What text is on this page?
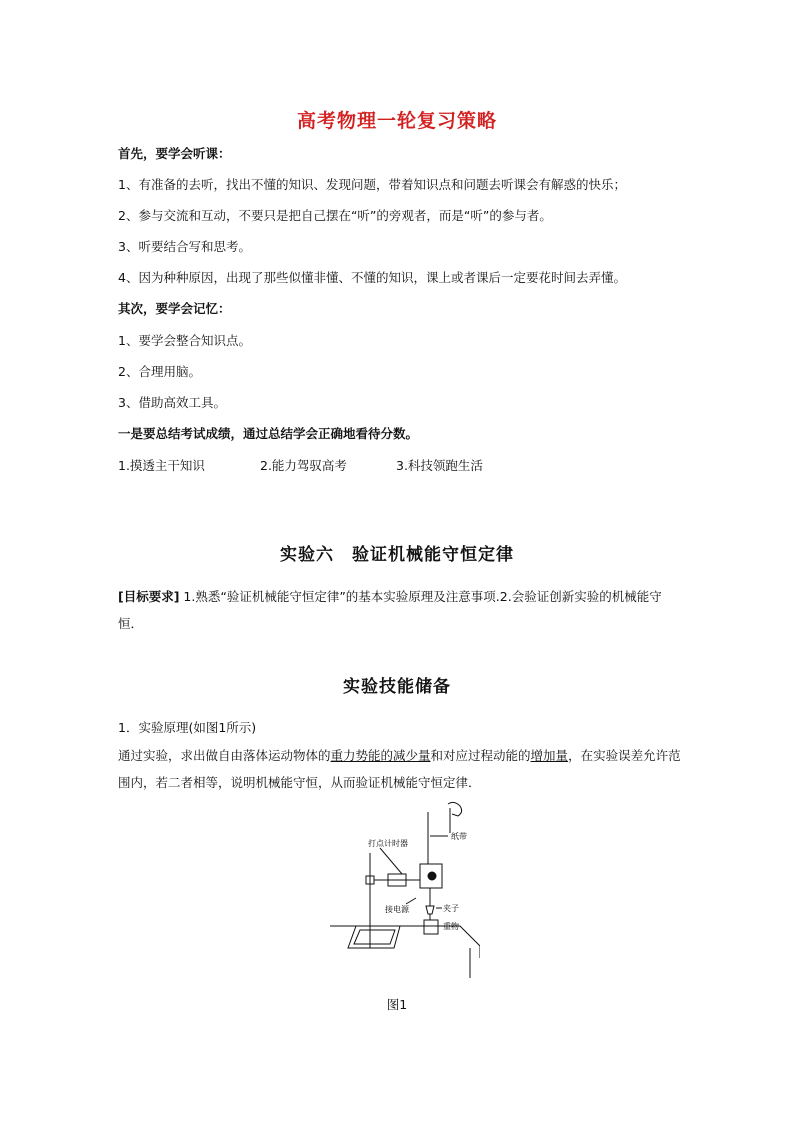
高考物理一轮复习策略
首先，要学会听课：
1、有准备的去听，找出不懂的知识、发现问题，带着知识点和问题去听课会有解惑的快乐；
2、参与交流和互动，不要只是把自己摆在“听”的旁观者，而是“听”的参与者。
3、听要结合写和思考。
4、因为种种原因，出现了那些似懂非懂、不懂的知识，课上或者课后一定要花时间去弄懂。
其次，要学会记忆：
1、要学会整合知识点。
2、合理用脑。
3、借助高效工具。
一是要总结考试成绩，通过总结学会正确地看待分数。
1.摸透主干知识	2.能力驾驭高考	3.科技领跑生活
实验六　验证机械能守恒定律
[目标要求] 1.熟悉“验证机械能守恒定律”的基本实验原理及注意事项.2.会验证创新实验的机械能守恒．
实验技能储备
1．实验原理(如图1所示)
通过实验，求出做自由落体运动物体的重力势能的减少量和对应过程动能的增加量，在实验误差允许范围内，若二者相等，说明机械能守恒，从而验证机械能守恒定律．
打点计时器
纸带
接电源	夹子
重物
图1
